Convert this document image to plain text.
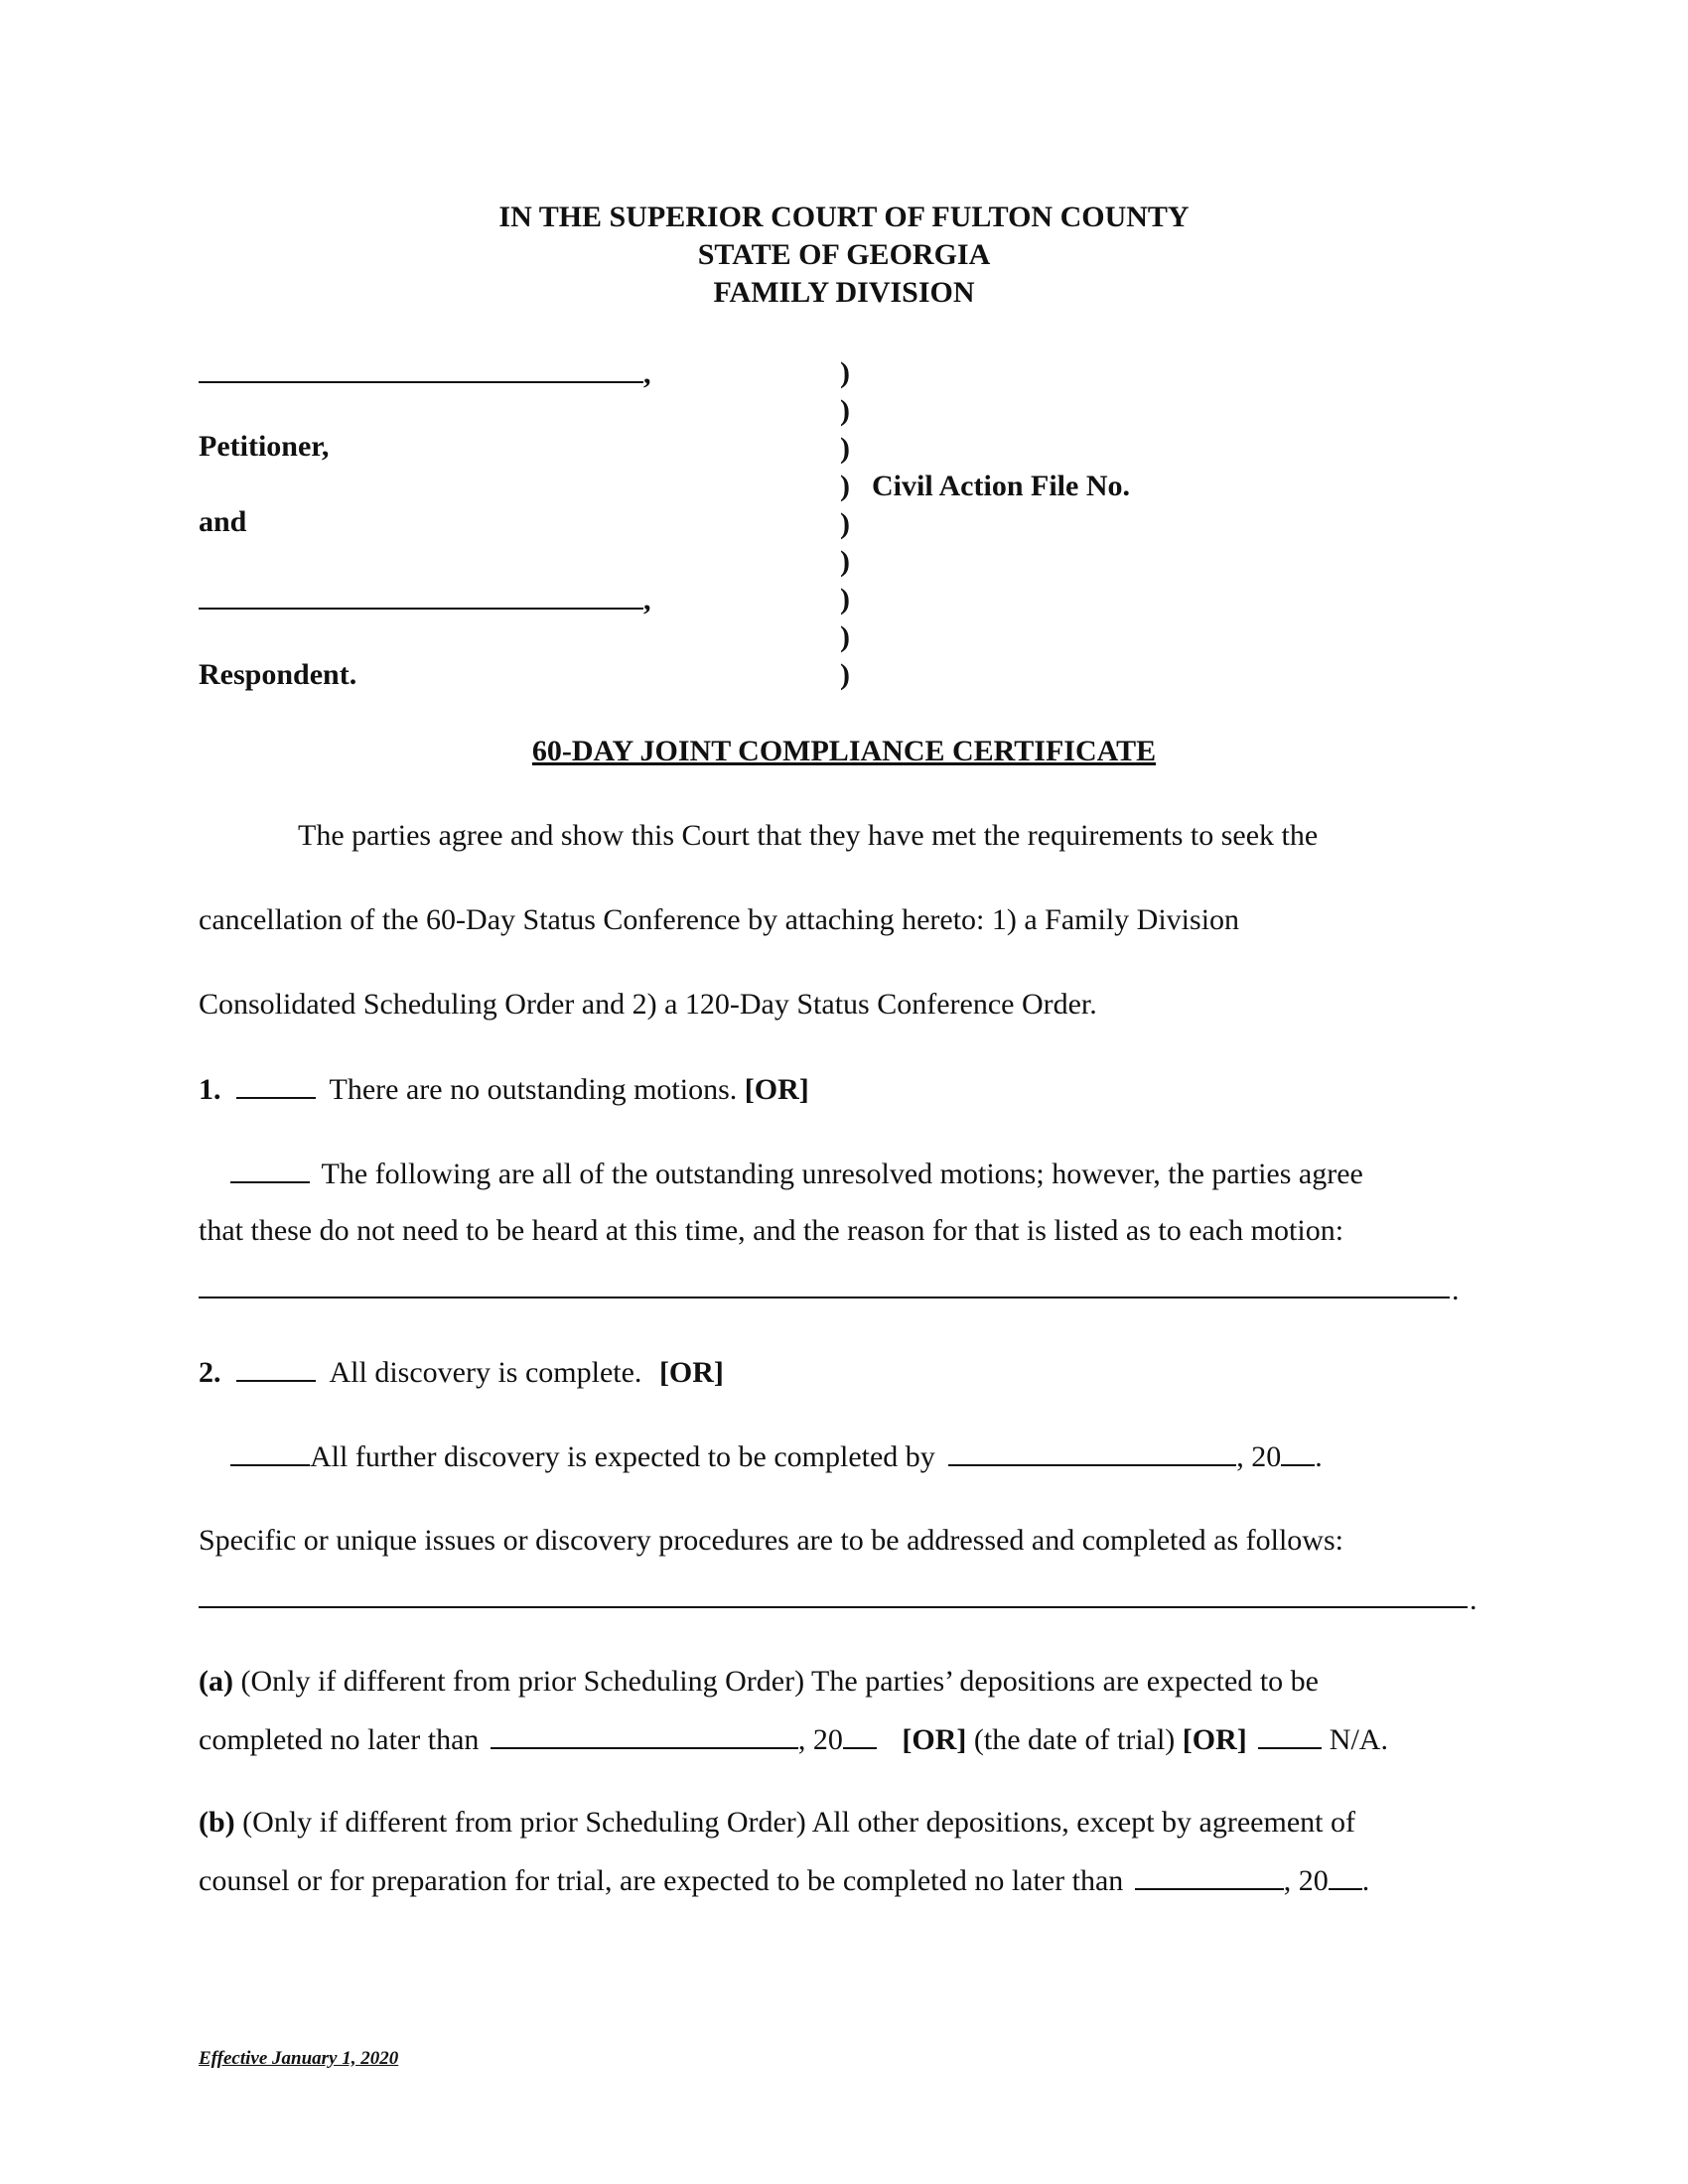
IN THE SUPERIOR COURT OF FULTON COUNTY
STATE OF GEORGIA
FAMILY DIVISION
,
Petitioner,
and
,
Respondent.
)
)
)
)
)
)
)
)
)
Civil Action File No.
60-DAY JOINT COMPLIANCE CERTIFICATE
The parties agree and show this Court that they have met the requirements to seek the
cancellation of the 60-Day Status Conference by attaching hereto: 1) a Family Division
Consolidated Scheduling Order and 2) a 120-Day Status Conference Order.
1.	There are no outstanding motions. [OR]
The following are all of the outstanding unresolved motions; however, the parties agree
that these do not need to be heard at this time, and the reason for that is listed as to each motion:
.
2.	All discovery is complete. [OR]
All further discovery is expected to be completed by	, 20 .
Specific or unique issues or discovery procedures are to be addressed and completed as follows:
.
(a) (Only if different from prior Scheduling Order) The parties’ depositions are expected to be
completed no later than	, 20 [OR] (the date of trial) [OR]	N/A.
(b) (Only if different from prior Scheduling Order) All other depositions, except by agreement of
counsel or for preparation for trial, are expected to be completed no later than	, 20 .
Effective January 1, 2020
